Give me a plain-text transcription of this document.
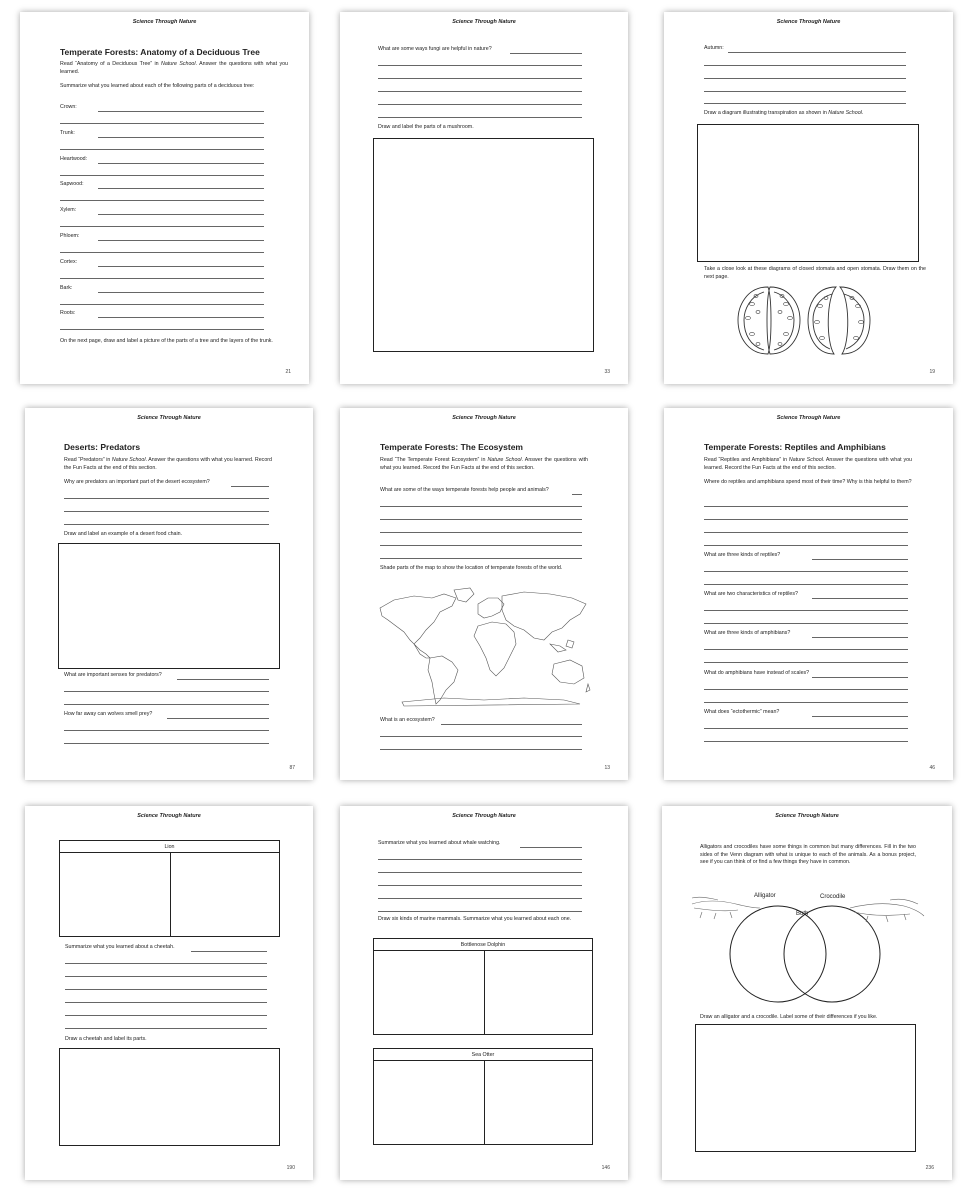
Science Through Nature
Temperate Forests: Anatomy of a Deciduous Tree
Read “Anatomy of a Deciduous Tree” in Nature School. Answer the questions with what you learned.
Summarize what you learned about each of the following parts of a deciduous tree:
Crown:
Trunk:
Heartwood:
Sapwood:
Xylem:
Phloem:
Cortex:
Bark:
Roots:
On the next page, draw and label a picture of the parts of a tree and the layers of the trunk.
21
Science Through Nature
What are some ways fungi are helpful in nature?
Draw and label the parts of a mushroom.
33
Science Through Nature
Autumn:
Draw a diagram illustrating transpiration as shown in Nature School.
Take a close look at these diagrams of closed stomata and open stomata. Draw them on the next page.
19
Science Through Nature
Deserts: Predators
Read “Predators” in Nature School. Answer the questions with what you learned. Record the Fun Facts at the end of this section.
Why are predators an important part of the desert ecosystem?
Draw and label an example of a desert food chain.
What are important senses for predators?
How far away can wolves smell prey?
87
Science Through Nature
Temperate Forests: The Ecosystem
Read “The Temperate Forest Ecosystem” in Nature School. Answer the questions with what you learned. Record the Fun Facts at the end of this section.
What are some of the ways temperate forests help people and animals?
Shade parts of the map to show the location of temperate forests of the world.
What is an ecosystem?
13
Science Through Nature
Temperate Forests: Reptiles and Amphibians
Read “Reptiles and Amphibians” in Nature School. Answer the questions with what you learned. Record the Fun Facts at the end of this section.
Where do reptiles and amphibians spend most of their time? Why is this helpful to them?
What are three kinds of reptiles?
What are two characteristics of reptiles?
What are three kinds of amphibians?
What do amphibians have instead of scales?
What does “ectothermic” mean?
46
Science Through Nature
Lion
Summarize what you learned about a cheetah.
Draw a cheetah and label its parts.
190
Science Through Nature
Summarize what you learned about whale watching.
Draw six kinds of marine mammals. Summarize what you learned about each one.
Bottlenose Dolphin
Sea Otter
146
Science Through Nature
Alligators and crocodiles have some things in common but many differences. Fill in the two sides of the Venn diagram with what is unique to each of the animals. As a bonus project, see if you can think of or find a few things they have in common.
Alligator
Both
Crocodile
Draw an alligator and a crocodile. Label some of their differences if you like.
236
